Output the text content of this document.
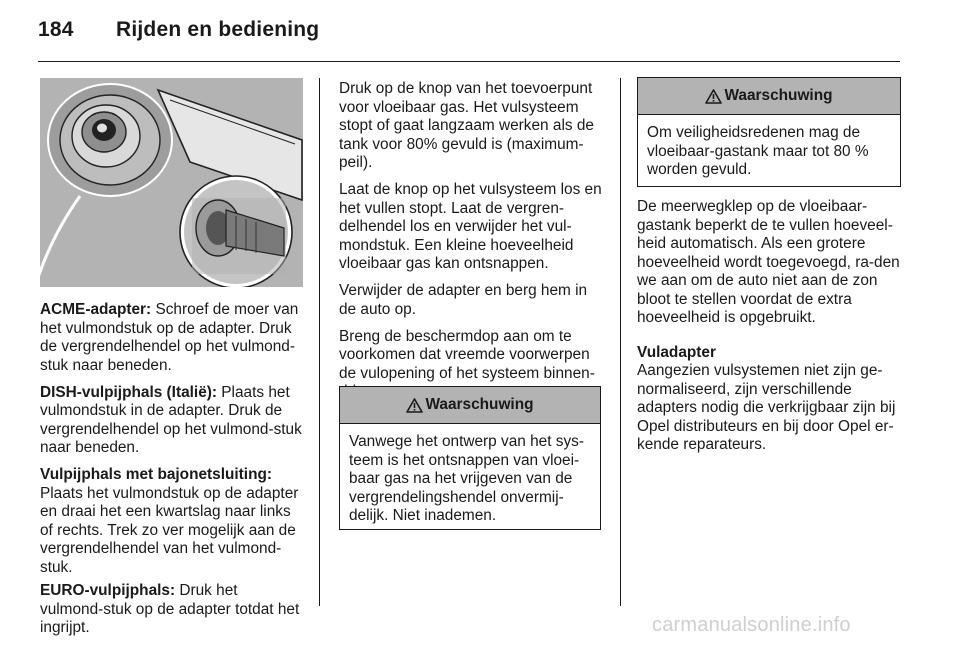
184 Rijden en bediening

ACME-adapter: Schroef de moer van het vulmondstuk op de adapter. Druk de vergrendelhendel op het vulmond-stuk naar beneden.

DISH-vulpijphals (Italië): Plaats het vulmondstuk in de adapter. Druk de vergrendelhendel op het vulmond-stuk naar beneden.

Vulpijphals met bajonetsluiting:
Plaats het vulmondstuk op de adapter en draai het een kwartslag naar links of rechts. Trek zo ver mogelijk aan de vergrendelhendel van het vulmond-stuk.

EURO-vulpijphals: Druk het vulmond-stuk op de adapter totdat het ingrijpt.

Druk op de knop van het toevoerpunt voor vloeibaar gas. Het vulsysteem stopt of gaat langzaam werken als de tank voor 80% gevuld is (maximum-peil).

Laat de knop op het vulsysteem los en het vullen stopt. Laat de vergren-delhendel los en verwijder het vul-mondstuk. Een kleine hoeveelheid vloeibaar gas kan ontsnappen.

Verwijder de adapter en berg hem in de auto op.

Breng de beschermdop aan om te voorkomen dat vreemde voorwerpen de vulopening of het systeem binnen-

Waarschuwing
Vanwege het ontwerp van het sys-teem is het ontsnappen van vloei-baar gas na het vrijgeven van de vergrendelingshendel onvermij-delijk. Niet inademen.
Waarschuwing
Om veiligheidsredenen mag de vloeibaar-gastank maar tot 80 % worden gevuld.

De meerwegklep op de vloeibaar-gastank beperkt de te vullen hoeveel-heid automatisch. Als een grotere hoeveelheid wordt toegevoegd, ra-den we aan om de auto niet aan de zon bloot te stellen voordat de extra hoeveelheid is opgebruikt.

Vuladapter
Aangezien vulsystemen niet zijn ge-normaliseerd, zijn verschillende adapters nodig die verkrijgbaar zijn bij Opel distributeurs en bij door Opel er-kende reparateurs.

carmanualsonline.info
